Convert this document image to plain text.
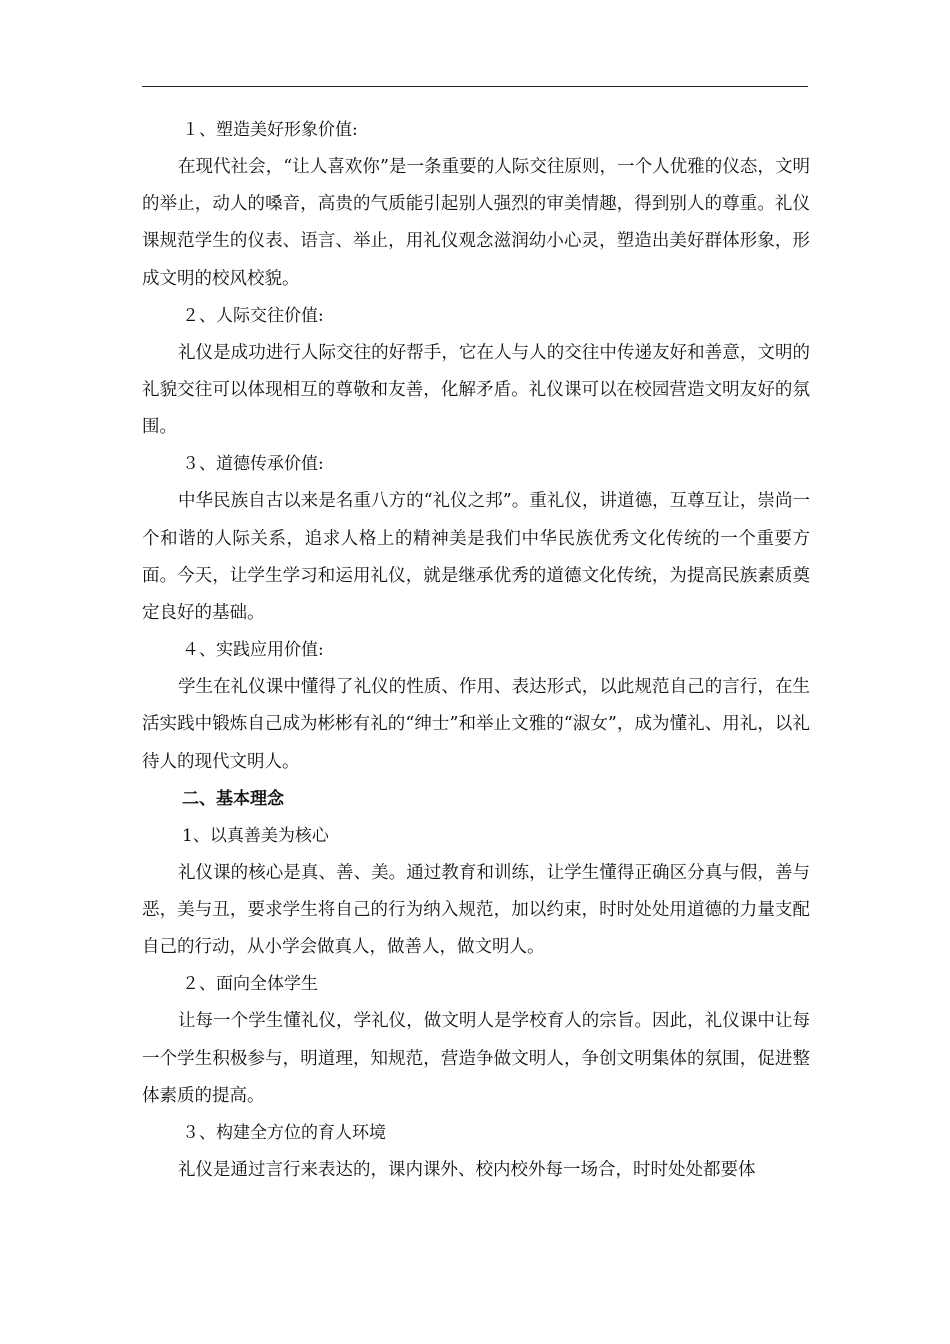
１、塑造美好形象价值:

在现代社会，“让人喜欢你”是一条重要的人际交往原则，一个人优雅的仪态，文明的举止，动人的嗓音，高贵的气质能引起别人强烈的审美情趣，得到别人的尊重。礼仪课规范学生的仪表、语言、举止，用礼仪观念滋润幼小心灵，塑造出美好群体形象，形成文明的校风校貌。

２、人际交往价值:

礼仪是成功进行人际交往的好帮手，它在人与人的交往中传递友好和善意，文明的礼貌交往可以体现相互的尊敬和友善，化解矛盾。礼仪课可以在校园营造文明友好的氛围。

３、道德传承价值:

中华民族自古以来是名重八方的“礼仪之邦”。重礼仪，讲道德，互尊互让，崇尚一个和谐的人际关系，追求人格上的精神美是我们中华民族优秀文化传统的一个重要方面。今天，让学生学习和运用礼仪，就是继承优秀的道德文化传统，为提高民族素质奠定良好的基础。

４、实践应用价值:

学生在礼仪课中懂得了礼仪的性质、作用、表达形式，以此规范自己的言行，在生活实践中锻炼自己成为彬彬有礼的“绅士”和举止文雅的“淑女”，成为懂礼、用礼，以礼待人的现代文明人。

二、基本理念
1、以真善美为核心

礼仪课的核心是真、善、美。通过教育和训练，让学生懂得正确区分真与假，善与恶，美与丑，要求学生将自己的行为纳入规范，加以约束，时时处处用道德的力量支配自己的行动，从小学会做真人，做善人，做文明人。

２、面向全体学生

让每一个学生懂礼仪，学礼仪，做文明人是学校育人的宗旨。因此，礼仪课中让每一个学生积极参与，明道理，知规范，营造争做文明人，争创文明集体的氛围，促进整体素质的提高。

３、构建全方位的育人环境

礼仪是通过言行来表达的，课内课外、校内校外每一场合，时时处处都要体
